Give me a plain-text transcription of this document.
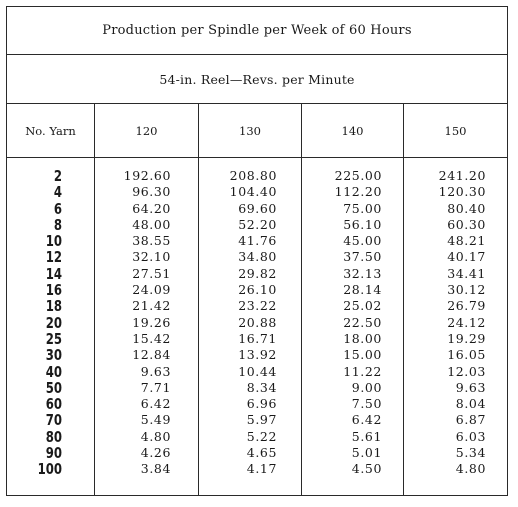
Production per Spindle per Week of 60 Hours
54-in. Reel—Revs. per Minute
No. Yarn	120	130	140	150
2	192.60	208.80	225.00	241.20
4	96.30	104.40	112.20	120.30
6	64.20	69.60	75.00	80.40
8	48.00	52.20	56.10	60.30
10	38.55	41.76	45.00	48.21
12	32.10	34.80	37.50	40.17
14	27.51	29.82	32.13	34.41
16	24.09	26.10	28.14	30.12
18	21.42	23.22	25.02	26.79
20	19.26	20.88	22.50	24.12
25	15.42	16.71	18.00	19.29
30	12.84	13.92	15.00	16.05
40	9.63	10.44	11.22	12.03
50	7.71	8.34	9.00	9.63
60	6.42	6.96	7.50	8.04
70	5.49	5.97	6.42	6.87
80	4.80	5.22	5.61	6.03
90	4.26	4.65	5.01	5.34
100	3.84	4.17	4.50	4.80
